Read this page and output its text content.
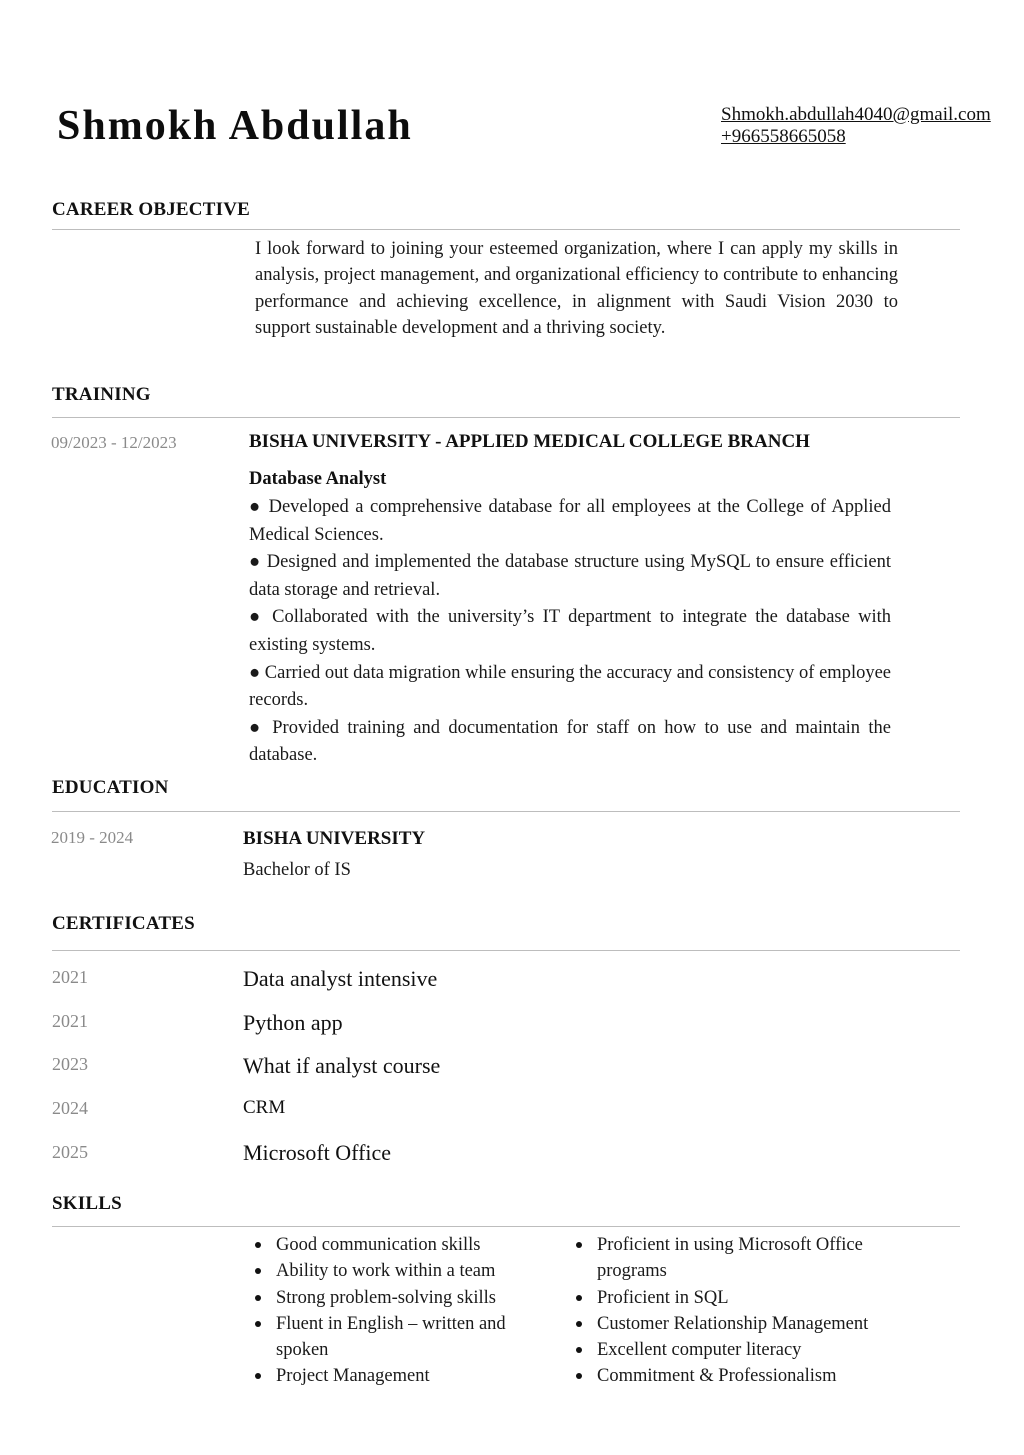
Shmokh Abdullah	Shmokh.abdullah4040@gmail.com
+966558665058
CAREER OBJECTIVE
I look forward to joining your esteemed organization, where I can apply my skills in analysis, project management, and organizational efficiency to contribute to enhancing performance and achieving excellence, in alignment with Saudi Vision 2030 to support sustainable development and a thriving society.
TRAINING
09/2023 - 12/2023	BISHA UNIVERSITY - APPLIED MEDICAL COLLEGE BRANCH
Database Analyst

● Developed a comprehensive database for all employees at the College of Applied Medical Sciences.

● Designed and implemented the database structure using MySQL to ensure efficient data storage and retrieval.

● Collaborated with the university’s IT department to integrate the database with existing systems.

● Carried out data migration while ensuring the accuracy and consistency of employee records.

● Provided training and documentation for staff on how to use and maintain the database.

EDUCATION
2019 - 2024	BISHA UNIVERSITY
Bachelor of IS
CERTIFICATES
2021	Data analyst intensive
2021	Python app
2023	What if analyst course
2024	CRM
2025	Microsoft Office
SKILLS
Good communication skills
Ability to work within a team
Strong problem-solving skills
Fluent in English – written and spoken
Project Management
Proficient in using Microsoft Office programs
Proficient in SQL
Customer Relationship Management
Excellent computer literacy
Commitment & Professionalism
